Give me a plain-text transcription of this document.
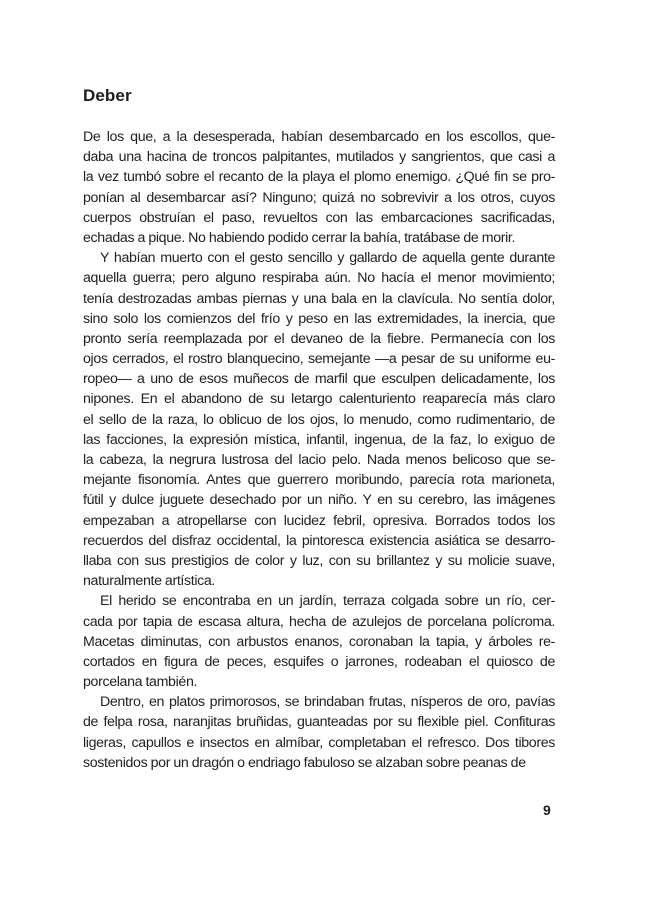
Deber
De los que, a la desesperada, habían desembarcado en los escollos, que-
daba una hacina de troncos palpitantes, mutilados y sangrientos, que casi a
la vez tumbó sobre el recanto de la playa el plomo enemigo. ¿Qué fin se pro-
ponían al desembarcar así? Ninguno; quizá no sobrevivir a los otros, cuyos
cuerpos obstruían el paso, revueltos con las embarcaciones sacrificadas,
echadas a pique. No habiendo podido cerrar la bahía, tratábase de morir.
Y habían muerto con el gesto sencillo y gallardo de aquella gente durante
aquella guerra; pero alguno respiraba aún. No hacía el menor movimiento;
tenía destrozadas ambas piernas y una bala en la clavícula. No sentía dolor,
sino solo los comienzos del frío y peso en las extremidades, la inercia, que
pronto sería reemplazada por el devaneo de la fiebre. Permanecía con los
ojos cerrados, el rostro blanquecino, semejante —a pesar de su uniforme eu-
ropeo— a uno de esos muñecos de marfil que esculpen delicadamente, los
nipones. En el abandono de su letargo calenturiento reaparecía más claro
el sello de la raza, lo oblicuo de los ojos, lo menudo, como rudimentario, de
las facciones, la expresión mística, infantil, ingenua, de la faz, lo exiguo de
la cabeza, la negrura lustrosa del lacio pelo. Nada menos belicoso que se-
mejante fisonomía. Antes que guerrero moribundo, parecía rota marioneta,
fútil y dulce juguete desechado por un niño. Y en su cerebro, las imágenes
empezaban a atropellarse con lucidez febril, opresiva. Borrados todos los
recuerdos del disfraz occidental, la pintoresca existencia asiática se desarro-
llaba con sus prestigios de color y luz, con su brillantez y su molicie suave,
naturalmente artística.
El herido se encontraba en un jardín, terraza colgada sobre un río, cer-
cada por tapia de escasa altura, hecha de azulejos de porcelana polícroma.
Macetas diminutas, con arbustos enanos, coronaban la tapia, y árboles re-
cortados en figura de peces, esquifes o jarrones, rodeaban el quiosco de
porcelana también.
Dentro, en platos primorosos, se brindaban frutas, nísperos de oro, pavías
de felpa rosa, naranjitas bruñidas, guanteadas por su flexible piel. Confituras
ligeras, capullos e insectos en almíbar, completaban el refresco. Dos tibores
sostenidos por un dragón o endriago fabuloso se alzaban sobre peanas de
9
